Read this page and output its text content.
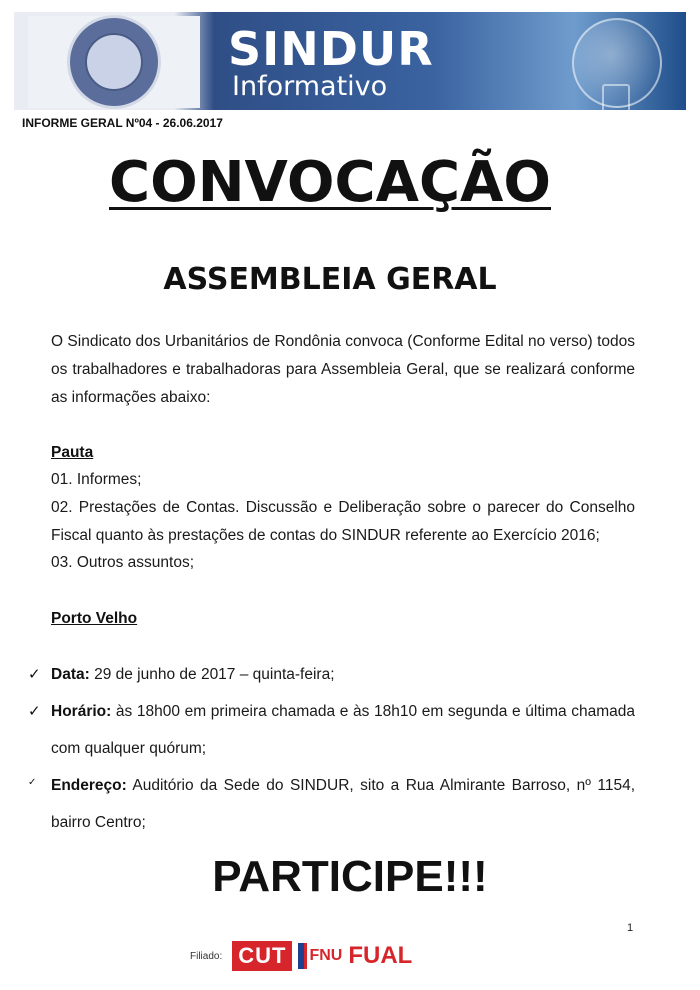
SINDUR
Informativo
INFORME GERAL Nº04 - 26.06.2017
CONVOCAÇÃO
ASSEMBLEIA GERAL
O Sindicato dos Urbanitários de Rondônia convoca (Conforme Edital no verso) todos os trabalhadores e trabalhadoras para Assembleia Geral, que se realizará conforme as informações abaixo:
Pauta
01. Informes;
02. Prestações de Contas. Discussão e Deliberação sobre o parecer do Conselho Fiscal quanto às prestações de contas do SINDUR referente ao Exercício 2016;
03. Outros assuntos;
Porto Velho
✓ Data: 29 de junho de 2017 – quinta-feira;
✓ Horário: às 18h00 em primeira chamada e às 18h10 em segunda e última chamada com qualquer quórum;
✓ Endereço: Auditório da Sede do SINDUR, sito a Rua Almirante Barroso, nº 1154, bairro Centro;
PARTICIPE!!!
1
Filiado: CUT	FNU FUAL
